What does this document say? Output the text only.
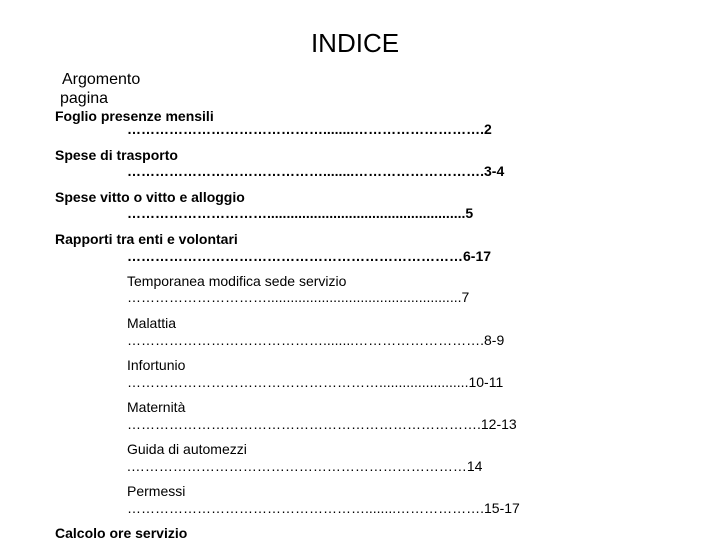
INDICE
Argomento
pagina
Foglio presenze mensili
……………………………………........……………………….2
Spese di trasporto
……………………………………........……………………….3-4
Spese vitto o vitto e alloggio
…………………………...................................................5
Rapporti tra enti e volontari
………………………………………………………………6-17
Temporanea modifica sede servizio
…………………………..................................................7
Malattia
……………………………………........……………………….8-9
Infortunio
……………………………………………….......................10-11
Maternità
………………………………………………………………….12-13
Guida di automezzi
.………………………………………………………………14
Permessi
……………………………………………........……………….15-17
Calcolo ore servizio
